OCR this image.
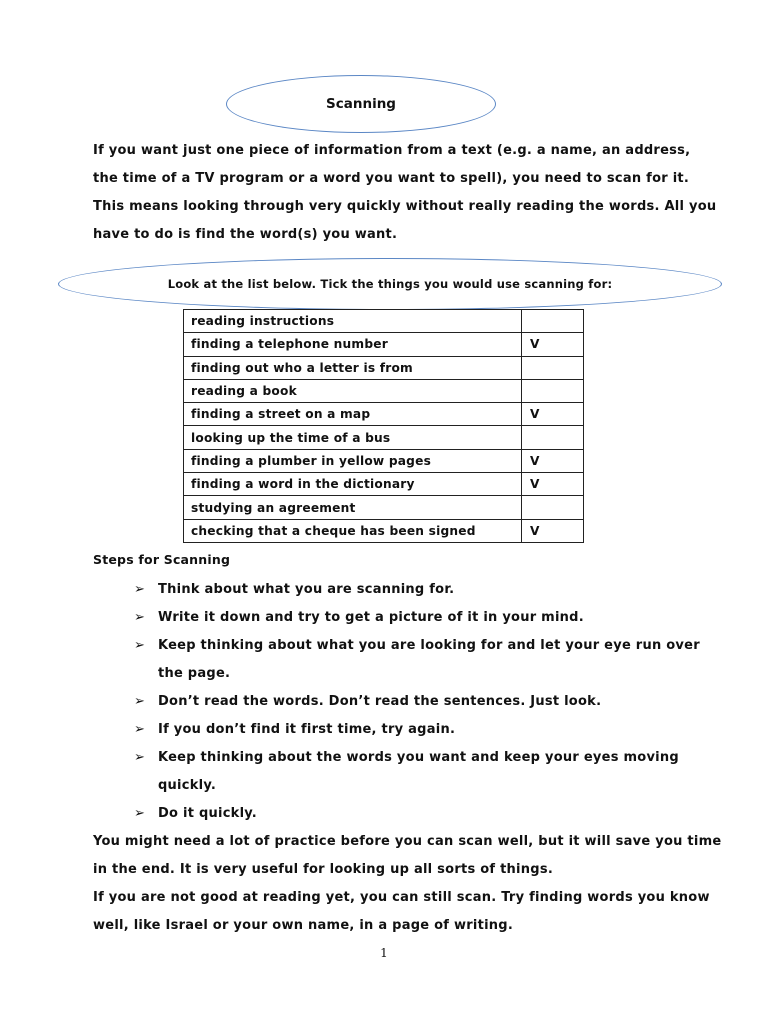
Scanning
If you want just one piece of information from a text (e.g. a name, an address,
the time of a TV program or a word you want to spell), you need to scan for it.
This means looking through very quickly without really reading the words. All you
have to do is find the word(s) you want.
Look at the list below. Tick the things you would use scanning for:
reading instructions	
finding a telephone number	V
finding out who a letter is from	
reading a book	
finding a street on a map	V
looking up the time of a bus	
finding a plumber in yellow pages	V
finding a word in the dictionary	V
studying an agreement	
checking that a cheque has been signed	V
Steps for Scanning
➢ Think about what you are scanning for.
➢ Write it down and try to get a picture of it in your mind.
➢ Keep thinking about what you are looking for and let your eye run over
the page.
➢ Don’t read the words. Don’t read the sentences. Just look.
➢ If you don’t find it first time, try again.
➢ Keep thinking about the words you want and keep your eyes moving
quickly.
➢ Do it quickly.
You might need a lot of practice before you can scan well, but it will save you time
in the end. It is very useful for looking up all sorts of things.
If you are not good at reading yet, you can still scan. Try finding words you know
well, like Israel or your own name, in a page of writing.
1
